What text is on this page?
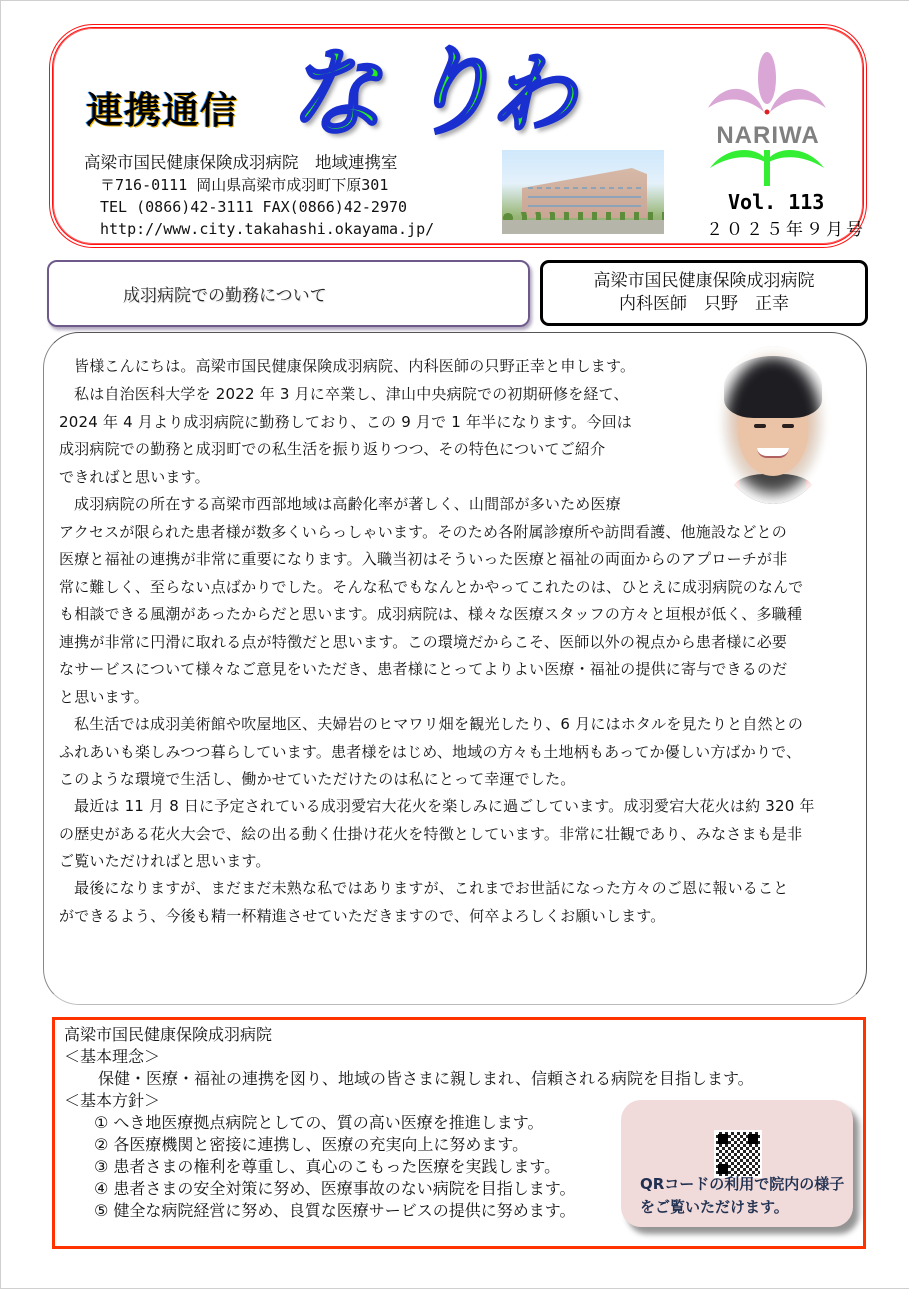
連携通信 な り
わ
高梁市国民健康保険成羽病院　地域連携室
〒716-0111 岡山県高梁市成羽町下原301
TEL (0866)42-3111 FAX(0866)42-2970
http://www.city.takahashi.okayama.jp/
NARIWA
Vol. 113
２０２５年９月号
成羽病院での勤務について
高梁市国民健康保険成羽病院
内科医師　只野　正幸

皆様こんにちは。高梁市国民健康保険成羽病院、内科医師の只野正幸と申します。

私は自治医科大学を 2022 年 3 月に卒業し、津山中央病院での初期研修を経て、

2024 年 4 月より成羽病院に勤務しており、この 9 月で 1 年半になります。今回は

成羽病院での勤務と成羽町での私生活を振り返りつつ、その特色についてご紹介

できればと思います。

成羽病院の所在する高梁市西部地域は高齢化率が著しく、山間部が多いため医療

アクセスが限られた患者様が数多くいらっしゃいます。そのため各附属診療所や訪問看護、他施設などとの

医療と福祉の連携が非常に重要になります。入職当初はそういった医療と福祉の両面からのアプローチが非

常に難しく、至らない点ばかりでした。そんな私でもなんとかやってこれたのは、ひとえに成羽病院のなんで

も相談できる風潮があったからだと思います。成羽病院は、様々な医療スタッフの方々と垣根が低く、多職種

連携が非常に円滑に取れる点が特徴だと思います。この環境だからこそ、医師以外の視点から患者様に必要

なサービスについて様々なご意見をいただき、患者様にとってよりよい医療・福祉の提供に寄与できるのだ

と思います。

私生活では成羽美術館や吹屋地区、夫婦岩のヒマワリ畑を観光したり、6 月にはホタルを見たりと自然との

ふれあいも楽しみつつ暮らしています。患者様をはじめ、地域の方々も土地柄もあってか優しい方ばかりで、

このような環境で生活し、働かせていただけたのは私にとって幸運でした。

最近は 11 月 8 日に予定されている成羽愛宕大花火を楽しみに過ごしています。成羽愛宕大花火は約 320 年

の歴史がある花火大会で、絵の出る動く仕掛け花火を特徴としています。非常に壮観であり、みなさまも是非

ご覧いただければと思います。

最後になりますが、まだまだ未熟な私ではありますが、これまでお世話になった方々のご恩に報いること

ができるよう、今後も精一杯精進させていただきますので、何卒よろしくお願いします。

高梁市国民健康保険成羽病院
＜基本理念＞
保健・医療・福祉の連携を図り、地域の皆さまに親しまれ、信頼される病院を目指します。
＜基本方針＞
① へき地医療拠点病院としての、質の高い医療を推進します。
② 各医療機関と密接に連携し、医療の充実向上に努めます。
③ 患者さまの権利を尊重し、真心のこもった医療を実践します。
④ 患者さまの安全対策に努め、医療事故のない病院を目指します。
⑤ 健全な病院経営に努め、良質な医療サービスの提供に努めます。
QRコードの利用で院内の様子をご覧いただけます。
